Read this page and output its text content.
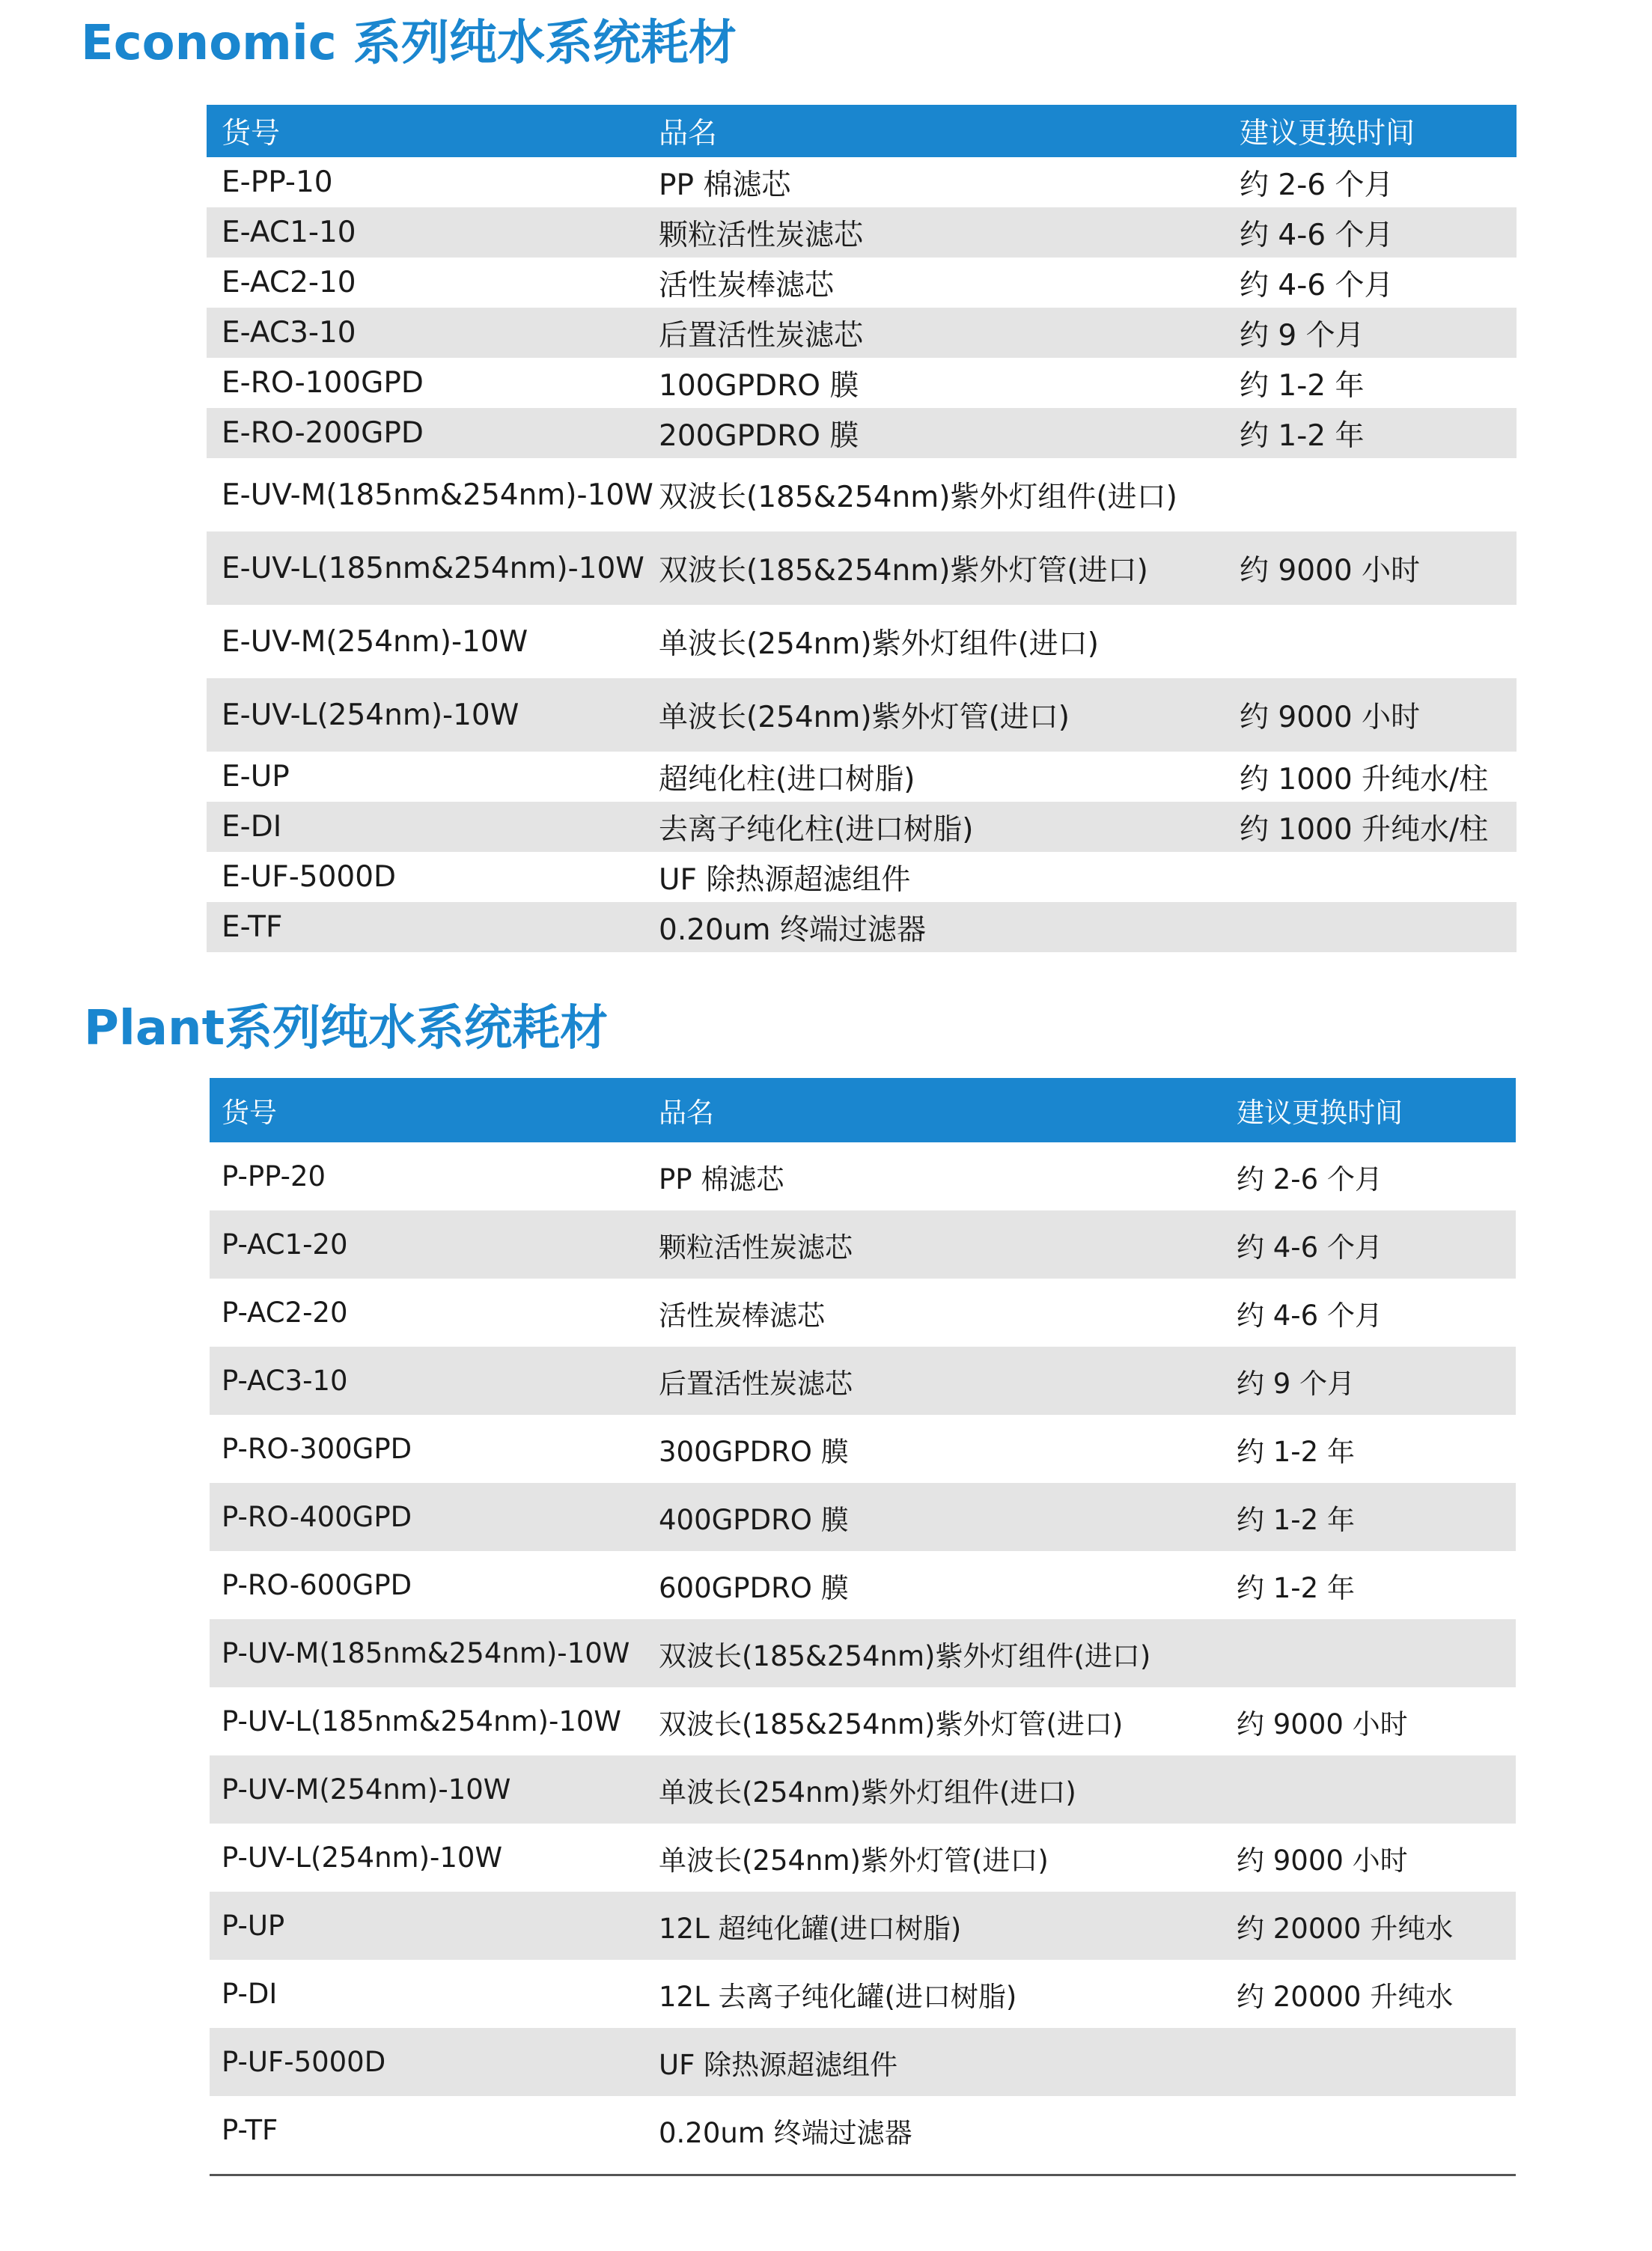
Economic 系列纯水系统耗材
货号	品名	建议更换时间
E-PP-10	PP 棉滤芯	约 2-6 个月
E-AC1-10	颗粒活性炭滤芯	约 4-6 个月
E-AC2-10	活性炭棒滤芯	约 4-6 个月
E-AC3-10	后置活性炭滤芯	约 9 个月
E-RO-100GPD	100GPDRO 膜	约 1-2 年
E-RO-200GPD	200GPDRO 膜	约 1-2 年
E-UV-M(185nm&254nm)-10W 双波长(185&254nm)紫外灯组件(进口)
E-UV-L(185nm&254nm)-10W 双波长(185&254nm)紫外灯管(进口)	约 9000 小时
E-UV-M(254nm)-10W	单波长(254nm)紫外灯组件(进口)
E-UV-L(254nm)-10W	单波长(254nm)紫外灯管(进口)	约 9000 小时
E-UP	超纯化柱(进口树脂)	约 1000 升纯水/柱
E-DI	去离子纯化柱(进口树脂)	约 1000 升纯水/柱
E-UF-5000D	UF 除热源超滤组件
E-TF	0.20um 终端过滤器
Plant系列纯水系统耗材
货号	品名	建议更换时间
P-PP-20	PP 棉滤芯	约 2-6 个月
P-AC1-20	颗粒活性炭滤芯	约 4-6 个月
P-AC2-20	活性炭棒滤芯	约 4-6 个月
P-AC3-10	后置活性炭滤芯	约 9 个月
P-RO-300GPD	300GPDRO 膜	约 1-2 年
P-RO-400GPD	400GPDRO 膜	约 1-2 年
P-RO-600GPD	600GPDRO 膜	约 1-2 年
P-UV-M(185nm&254nm)-10W 双波长(185&254nm)紫外灯组件(进口)
P-UV-L(185nm&254nm)-10W 双波长(185&254nm)紫外灯管(进口)	约 9000 小时
P-UV-M(254nm)-10W	单波长(254nm)紫外灯组件(进口)
P-UV-L(254nm)-10W	单波长(254nm)紫外灯管(进口)	约 9000 小时
P-UP	12L 超纯化罐(进口树脂)	约 20000 升纯水
P-DI	12L 去离子纯化罐(进口树脂)	约 20000 升纯水
P-UF-5000D	UF 除热源超滤组件
P-TF	0.20um 终端过滤器
